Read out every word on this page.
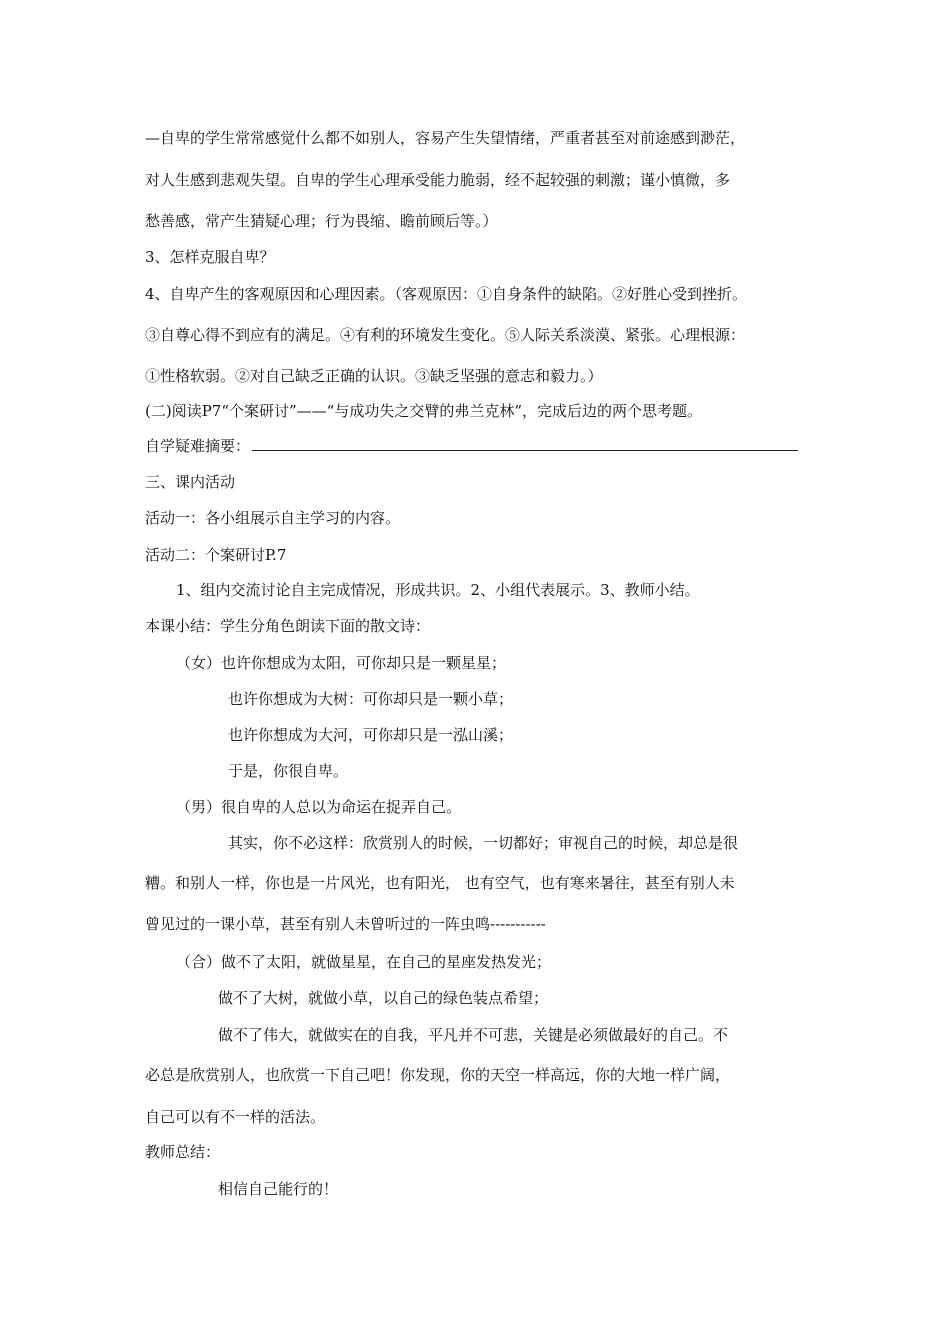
—自卑的学生常常感觉什么都不如别人，容易产生失望情绪，严重者甚至对前途感到渺茫，
对人生感到悲观失望。自卑的学生心理承受能力脆弱，经不起较强的刺激；谨小慎微，多
愁善感，常产生猜疑心理；行为畏缩、瞻前顾后等。）
3、怎样克服自卑？
4、自卑产生的客观原因和心理因素。（客观原因：①自身条件的缺陷。②好胜心受到挫折。
③自尊心得不到应有的满足。④有利的环境发生变化。⑤人际关系淡漠、紧张。心理根源：
①性格软弱。②对自己缺乏正确的认识。③缺乏坚强的意志和毅力。）
(二)阅读P7“个案研讨”——“与成功失之交臂的弗兰克林”，完成后边的两个思考题。
自学疑难摘要：
三、课内活动
活动一：各小组展示自主学习的内容。
活动二：个案研讨P.7
1、组内交流讨论自主完成情况，形成共识。2、小组代表展示。3、教师小结。
本课小结：学生分角色朗读下面的散文诗：
（女）也许你想成为太阳，可你却只是一颗星星；
也许你想成为大树：可你却只是一颗小草；
也许你想成为大河，可你却只是一泓山溪；
于是，你很自卑。
（男）很自卑的人总以为命运在捉弄自己。
其实，你不必这样：欣赏别人的时候，一切都好；审视自己的时候，却总是很
糟。和别人一样，你也是一片风光，也有阳光， 也有空气，也有寒来暑往，甚至有别人未
曾见过的一课小草，甚至有别人未曾听过的一阵虫鸣-----------
（合）做不了太阳，就做星星，在自己的星座发热发光；
做不了大树，就做小草，以自己的绿色装点希望；
做不了伟大，就做实在的自我，平凡并不可悲，关键是必须做最好的自己。不
必总是欣赏别人，也欣赏一下自己吧！你发现，你的天空一样高远，你的大地一样广阔，
自己可以有不一样的活法。
教师总结：
相信自己能行的！
